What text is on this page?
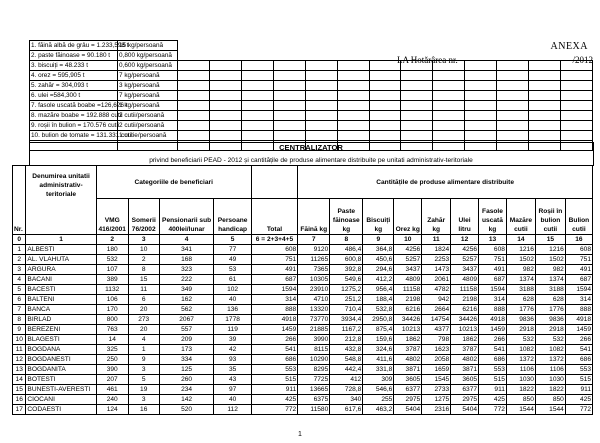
1. făină albă de grâu = 1.233,598 t	15 kg/persoană													
2. paste făinoase = 90.180 t	0,800 kg/persoană													
3. biscuiți = 48.233 t	0,600 kg/persoană													
4. orez = 595,905 t	7 kg/persoană													
5. zahăr = 304,093 t	3 kg/persoană													
6. ulei =584,300 t	7 kg/persoană													
7. fasole uscată boabe =126,626 t	1 kg/persoană													
8. mazăre boabe = 192.888 cutii	2 cutii/persoană													
9. roșii în bulion = 170.576 cutii	2 cutii/persoană													
10. bulion de tomate = 131.331 cutii	1 cutie/persoană													

ANEXA
LA Hotărârea nr.	/2012
CENTRALIZATOR
privind beneficiarii PEAD - 2012 și cantitățile de produse alimentare distribuite pe unitati administrativ-teritoriale
Nr.	Denumirea unitatii administrativ-teritoriale	Categoriile de beneficiari					Cantitățile de produse alimentare distribuite									
		VMG 416/2001	Somerii 76/2002	Pensionarii sub 400lei/lunar	Persoane handicap	Total	Făină kg	Paste făinoase kg	Biscuiți kg	Orez kg	Zahăr kg	Ulei litru	Fasole uscată kg	Mazăre cutii	Roșii în bulion cutii	Bulion cutii
0	1	2	3	4	5	6 = 2+3+4+5	7	8	9	10	11	12	13	14	15	16
1	ALBESTI	180	10	341	77	608	9120	486,4	364,8	4256	1824	4256	608	1216	1216	608
2	AL. VLAHUTA	532	2	168	49	751	11265	600,8	450,6	5257	2253	5257	751	1502	1502	751
3	ARGURA	107	8	323	53	491	7365	392,8	294,6	3437	1473	3437	491	982	982	491
4	BACANI	389	15	222	61	687	10305	549,6	412,2	4809	2061	4809	687	1374	1374	687
5	BACESTI	1132	11	349	102	1594	23910	1275,2	956,4	11158	4782	11158	1594	3188	3188	1594
6	BALTENI	106	6	162	40	314	4710	251,2	188,4	2198	942	2198	314	628	628	314
7	BANCA	170	20	562	136	888	13320	710,4	532,8	6216	2664	6216	888	1776	1776	888
8	BIRLAD	800	273	2067	1778	4918	73770	3934,4	2950,8	34426	14754	34426	4918	9836	9836	4918
9	BEREZENI	763	20	557	119	1459	21885	1167,2	875,4	10213	4377	10213	1459	2918	2918	1459
10	BLAGESTI	14	4	209	39	266	3990	212,8	159,6	1862	798	1862	266	532	532	266
11	BOGDANA	325	1	173	42	541	8115	432,8	324,6	3787	1623	3787	541	1082	1082	541
12	BOGDANESTI	250	9	334	93	686	10290	548,8	411,6	4802	2058	4802	686	1372	1372	686
13	BOGDANITA	390	3	125	35	553	8295	442,4	331,8	3871	1659	3871	553	1106	1106	553
14	BOTESTI	207	5	260	43	515	7725	412	309	3605	1545	3605	515	1030	1030	515
15	BUNESTI-AVERESTI	461	19	234	97	911	13665	728,8	546,6	6377	2733	6377	911	1822	1822	911
16	CIOCANI	240	3	142	40	425	6375	340	255	2975	1275	2975	425	850	850	425
17	CODAESTI	124	16	520	112	772	11580	617,6	463,2	5404	2316	5404	772	1544	1544	772
1
